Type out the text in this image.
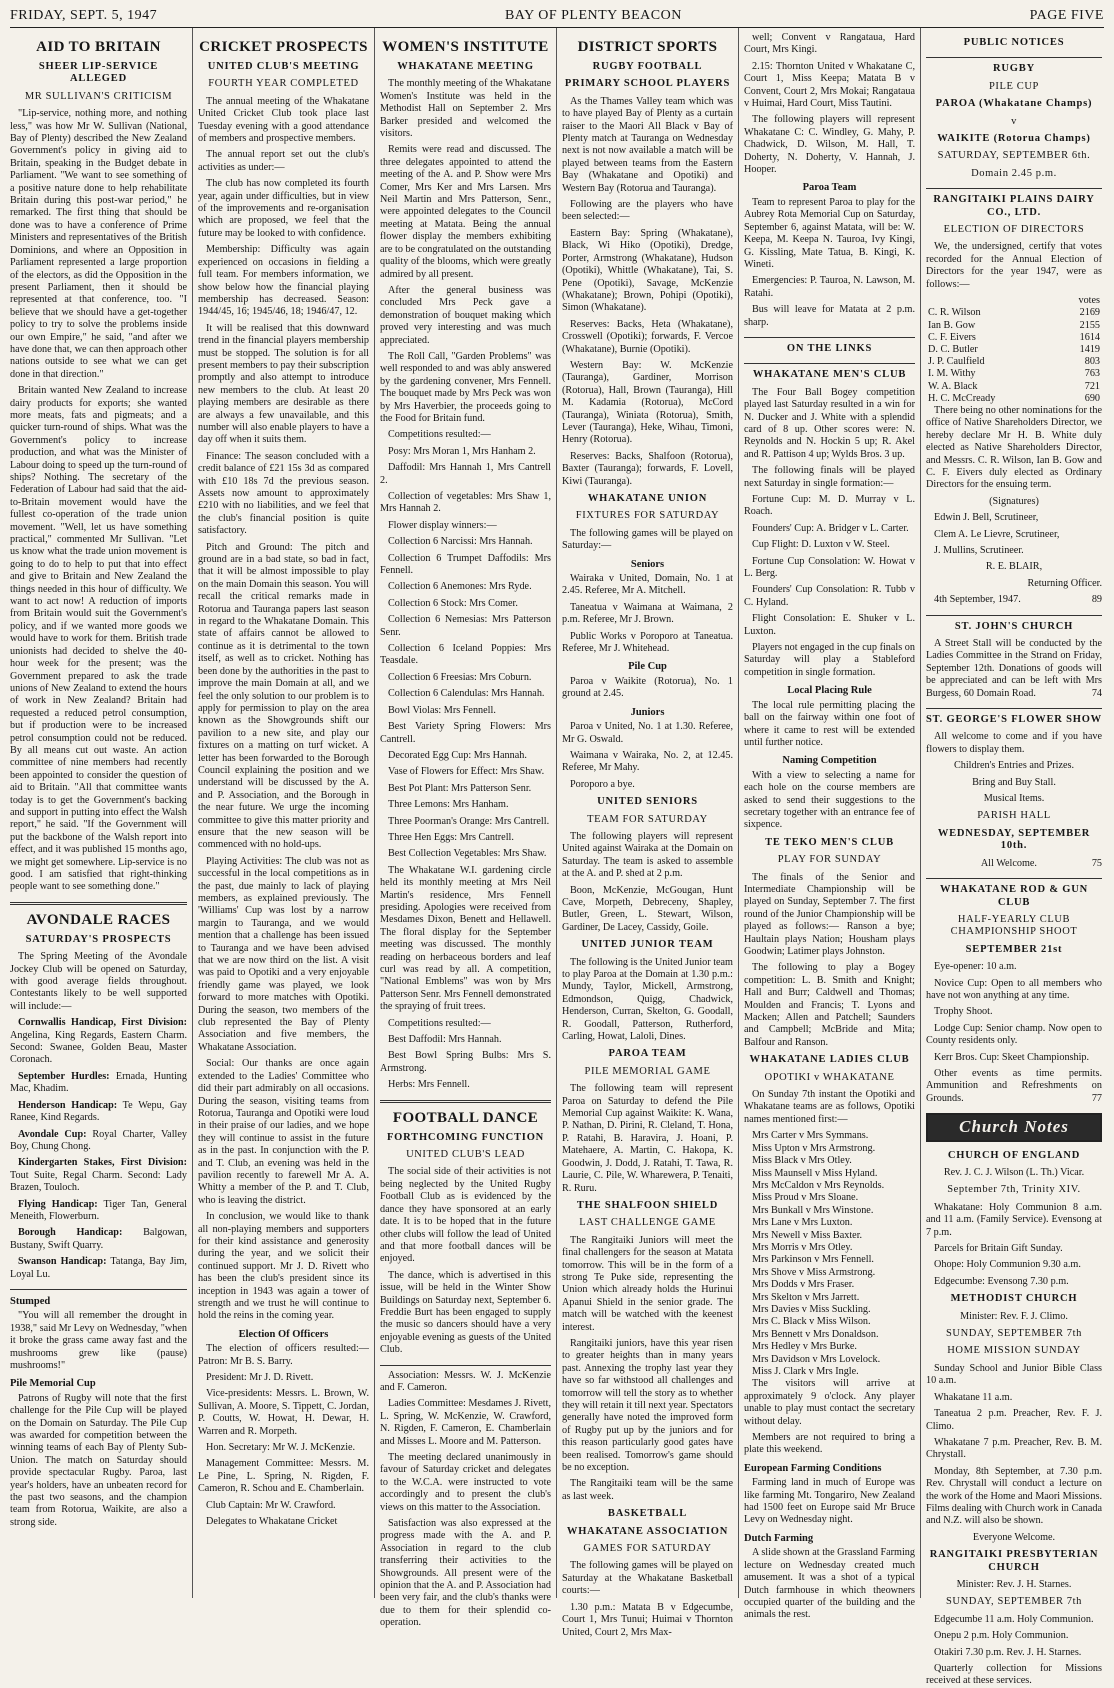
FRIDAY, SEPT. 5, 1947	BAY OF PLENTY BEACON	PAGE FIVE
AID TO BRITAIN
SHEER LIP-SERVICE ALLEGED
MR SULLIVAN'S CRITICISM

"Lip-service, nothing more, and nothing less," was how Mr W. Sullivan (National, Bay of Plenty) described the New Zealand Government's policy in giving aid to Britain, speaking in the Budget debate in Parliament. "We want to see something of a positive nature done to help rehabilitate Britain during this post-war period," he remarked. The first thing that should be done was to have a conference of Prime Ministers and representatives of the British Dominions, and where an Opposition in Parliament represented a large proportion of the electors, as did the Opposition in the present Parliament, then it should be represented at that conference, too. "I believe that we should have a get-together policy to try to solve the problems inside our own Empire," he said, "and after we have done that, we can then approach other nations outside to see what we can get done in that direction."

Britain wanted New Zealand to increase dairy products for exports; she wanted more meats, fats and pigmeats; and a quicker turn-round of ships. What was the Government's policy to increase production, and what was the Minister of Labour doing to speed up the turn-round of ships? Nothing. The secretary of the Federation of Labour had said that the aid-to-Britain movement would have the fullest co-operation of the trade union movement. "Well, let us have something practical," commented Mr Sullivan. "Let us know what the trade union movement is going to do to help to put that into effect and give to Britain and New Zealand the things needed in this hour of difficulty. We want to act now! A reduction of imports from Britain would suit the Government's policy, and if we wanted more goods we would have to work for them. British trade unionists had decided to shelve the 40-hour week for the present; was the Government prepared to ask the trade unions of New Zealand to extend the hours of work in New Zealand? Britain had requested a reduced petrol consumption, but if production were to be increased petrol consumption could not be reduced. By all means cut out waste. An action committee of nine members had recently been appointed to consider the question of aid to Britain. "All that committee wants today is to get the Government's backing and support in putting into effect the Walsh report," he said. "If the Government will put the backbone of the Walsh report into effect, and it was published 15 months ago, we might get somewhere. Lip-service is no good. I am satisfied that right-thinking people want to see something done."

AVONDALE RACES
SATURDAY'S PROSPECTS

The Spring Meeting of the Avondale Jockey Club will be opened on Saturday, with good average fields throughout. Contestants likely to be well supported will include:—

Cornwallis Handicap, First Division: Angelina, King Regards, Eastern Charm. Second: Swanee, Golden Beau, Master Coronach.

September Hurdles: Ernada, Hunting Mac, Khadim.

Henderson Handicap: Te Wepu, Gay Ranee, Kind Regards.

Avondale Cup: Royal Charter, Valley Boy, Chung Chong.

Kindergarten Stakes, First Division: Tout Suite, Regal Charm. Second: Lady Brazen, Touloch.

Flying Handicap: Tiger Tan, General Meneith, Flowerburn.

Borough Handicap: Balgowan, Bustany, Swift Quarry.

Swanson Handicap: Tatanga, Bay Jim, Loyal Lu.

Stumped

"You will all remember the drought in 1938," said Mr Levy on Wednesday, "when it broke the grass came away fast and the mushrooms grew like (pause) mushrooms!"

Pile Memorial Cup

Patrons of Rugby will note that the first challenge for the Pile Cup will be played on the Domain on Saturday. The Pile Cup was awarded for competition between the winning teams of each Bay of Plenty Sub-Union. The match on Saturday should provide spectacular Rugby. Paroa, last year's holders, have an unbeaten record for the past two seasons, and the champion team from Rotorua, Waikite, are also a strong side.

CRICKET PROSPECTS
UNITED CLUB'S MEETING
FOURTH YEAR COMPLETED

The annual meeting of the Whakatane United Cricket Club took place last Tuesday evening with a good attendance of members and prospective members.

The annual report set out the club's activities as under:—

The club has now completed its fourth year, again under difficulties, but in view of the improvements and re-organisation which are proposed, we feel that the future may be looked to with confidence.

Membership: Difficulty was again experienced on occasions in fielding a full team. For members information, we show below how the financial playing membership has decreased. Season: 1944/45, 16; 1945/46, 18; 1946/47, 12.

It will be realised that this downward trend in the financial players membership must be stopped. The solution is for all present members to pay their subscription promptly and also attempt to introduce new members to the club. At least 20 playing members are desirable as there are always a few unavailable, and this number will also enable players to have a day off when it suits them.

Finance: The season concluded with a credit balance of £21 15s 3d as compared with £10 18s 7d the previous season. Assets now amount to approximately £210 with no liabilities, and we feel that the club's financial position is quite satisfactory.

Pitch and Ground: The pitch and ground are in a bad state, so bad in fact, that it will be almost impossible to play on the main Domain this season. You will recall the critical remarks made in Rotorua and Tauranga papers last season in regard to the Whakatane Domain. This state of affairs cannot be allowed to continue as it is detrimental to the town itself, as well as to cricket. Nothing has been done by the authorities in the past to improve the main Domain at all, and we feel the only solution to our problem is to apply for permission to play on the area known as the Showgrounds shift our pavilion to a new site, and play our fixtures on a matting on turf wicket. A letter has been forwarded to the Borough Council explaining the position and we understand will be discussed by the A. and P. Association, and the Borough in the near future. We urge the incoming committee to give this matter priority and ensure that the new season will be commenced with no hold-ups.

Playing Activities: The club was not as successful in the local competitions as in the past, due mainly to lack of playing members, as explained previously. The 'Williams' Cup was lost by a narrow margin to Tauranga, and we would mention that a challenge has been issued to Tauranga and we have been advised that we are now third on the list. A visit was paid to Opotiki and a very enjoyable friendly game was played, we look forward to more matches with Opotiki. During the season, two members of the club represented the Bay of Plenty Association and five members, the Whakatane Association.

Social: Our thanks are once again extended to the Ladies' Committee who did their part admirably on all occasions. During the season, visiting teams from Rotorua, Tauranga and Opotiki were loud in their praise of our ladies, and we hope they will continue to assist in the future as in the past. In conjunction with the P. and T. Club, an evening was held in the pavilion recently to farewell Mr A. A. Whitty a member of the P. and T. Club, who is leaving the district.

In conclusion, we would like to thank all non-playing members and supporters for their kind assistance and generosity during the year, and we solicit their continued support. Mr J. D. Rivett who has been the club's president since its inception in 1943 was again a tower of strength and we trust he will continue to hold the reins in the coming year.

Election Of Officers

The election of officers resulted:— Patron: Mr B. S. Barry.

President: Mr J. D. Rivett.

Vice-presidents: Messrs. L. Brown, W. Sullivan, A. Moore, S. Tippett, C. Jordan, P. Coutts, W. Howat, H. Dewar, H. Warren and R. Morpeth.

Hon. Secretary: Mr W. J. McKenzie.

Management Committee: Messrs. M. Le Pine, L. Spring, N. Rigden, F. Cameron, R. Schou and E. Chamberlain.

Club Captain: Mr W. Crawford.

Delegates to Whakatane Cricket

WOMEN'S INSTITUTE
WHAKATANE MEETING

The monthly meeting of the Whakatane Women's Institute was held in the Methodist Hall on September 2. Mrs Barker presided and welcomed the visitors.

Remits were read and discussed. The three delegates appointed to attend the meeting of the A. and P. Show were Mrs Comer, Mrs Ker and Mrs Larsen. Mrs Neil Martin and Mrs Patterson, Senr., were appointed delegates to the Council meeting at Matata. Being the annual flower display the members exhibiting are to be congratulated on the outstanding quality of the blooms, which were greatly admired by all present.

After the general business was concluded Mrs Peck gave a demonstration of bouquet making which proved very interesting and was much appreciated.

The Roll Call, "Garden Problems" was well responded to and was ably answered by the gardening convener, Mrs Fennell. The bouquet made by Mrs Peck was won by Mrs Haverbier, the proceeds going to the Food for Britain fund.

Competitions resulted:—

Posy: Mrs Moran 1, Mrs Hanham 2.

Daffodil: Mrs Hannah 1, Mrs Cantrell 2.

Collection of vegetables: Mrs Shaw 1, Mrs Hannah 2.

Flower display winners:—

Collection 6 Narcissi: Mrs Hannah.

Collection 6 Trumpet Daffodils: Mrs Fennell.

Collection 6 Anemones: Mrs Ryde.

Collection 6 Stock: Mrs Comer.

Collection 6 Nemesias: Mrs Patterson Senr.

Collection 6 Iceland Poppies: Mrs Teasdale.

Collection 6 Freesias: Mrs Coburn.

Collection 6 Calendulas: Mrs Hannah.

Bowl Violas: Mrs Fennell.

Best Variety Spring Flowers: Mrs Cantrell.

Decorated Egg Cup: Mrs Hannah.

Vase of Flowers for Effect: Mrs Shaw.

Best Pot Plant: Mrs Patterson Senr.

Three Lemons: Mrs Hanham.

Three Poorman's Orange: Mrs Cantrell.

Three Hen Eggs: Mrs Cantrell.

Best Collection Vegetables: Mrs Shaw.

The Whakatane W.I. gardening circle held its monthly meeting at Mrs Neil Martin's residence, Mrs Fennell presiding. Apologies were received from Mesdames Dixon, Benett and Hellawell. The floral display for the September meeting was discussed. The monthly reading on herbaceous borders and leaf curl was read by all. A competition, "National Emblems" was won by Mrs Patterson Senr. Mrs Fennell demonstrated the spraying of fruit trees.

Competitions resulted:—

Best Daffodil: Mrs Hannah.

Best Bowl Spring Bulbs: Mrs S. Armstrong.

Herbs: Mrs Fennell.

FOOTBALL DANCE
FORTHCOMING FUNCTION
UNITED CLUB'S LEAD

The social side of their activities is not being neglected by the United Rugby Football Club as is evidenced by the dance they have sponsored at an early date. It is to be hoped that in the future other clubs will follow the lead of United and that more football dances will be enjoyed.

The dance, which is advertised in this issue, will be held in the Winter Show Buildings on Saturday next, September 6. Freddie Burt has been engaged to supply the music so dancers should have a very enjoyable evening as guests of the United Club.

Association: Messrs. W. J. McKenzie and F. Cameron.

Ladies Committee: Mesdames J. Rivett, L. Spring, W. McKenzie, W. Crawford, N. Rigden, F. Cameron, E. Chamberlain and Misses L. Moore and M. Patterson.

The meeting declared unanimously in favour of Saturday cricket and delegates to the W.C.A. were instructed to vote accordingly and to present the club's views on this matter to the Association.

Satisfaction was also expressed at the progress made with the A. and P. Association in regard to the club transferring their activities to the Showgrounds. All present were of the opinion that the A. and P. Association had been very fair, and the club's thanks were due to them for their splendid co-operation.

DISTRICT SPORTS
RUGBY FOOTBALL
PRIMARY SCHOOL PLAYERS

As the Thames Valley team which was to have played Bay of Plenty as a curtain raiser to the Maori All Black v Bay of Plenty match at Tauranga on Wednesday next is not now available a match will be played between teams from the Eastern Bay (Whakatane and Opotiki) and Western Bay (Rotorua and Tauranga).

Following are the players who have been selected:—

Eastern Bay: Spring (Whakatane), Black, Wi Hiko (Opotiki), Dredge, Porter, Armstrong (Whakatane), Hudson (Opotiki), Whittle (Whakatane), Tai, S. Pene (Opotiki), Savage, McKenzie (Whakatane); Brown, Pohipi (Opotiki), Simon (Whakatane).

Reserves: Backs, Heta (Whakatane), Crosswell (Opotiki); forwards, F. Vercoe (Whakatane), Burnie (Opotiki).

Western Bay: W. McKenzie (Tauranga), Gardiner, Morrison (Rotorua), Hall, Brown (Tauranga), Hill M. Kadamia (Rotorua), McCord (Tauranga), Winiata (Rotorua), Smith, Lever (Tauranga), Heke, Wihau, Timoni, Henry (Rotorua).

Reserves: Backs, Shalfoon (Rotorua), Baxter (Tauranga); forwards, F. Lovell, Kiwi (Tauranga).

WHAKATANE UNION
FIXTURES FOR SATURDAY

The following games will be played on Saturday:—

Seniors

Wairaka v United, Domain, No. 1 at 2.45. Referee, Mr A. Mitchell.

Taneatua v Waimana at Waimana, 2 p.m. Referee, Mr J. Brown.

Public Works v Poroporo at Taneatua. Referee, Mr J. Whitehead.

Pile Cup

Paroa v Waikite (Rotorua), No. 1 ground at 2.45.

Juniors

Paroa v United, No. 1 at 1.30. Referee, Mr G. Oswald.

Waimana v Wairaka, No. 2, at 12.45. Referee, Mr Mahy.

Poroporo a bye.

UNITED SENIORS
TEAM FOR SATURDAY

The following players will represent United against Wairaka at the Domain on Saturday. The team is asked to assemble at the A. and P. shed at 2 p.m.

Boon, McKenzie, McGougan, Hunt Cave, Morpeth, Debreceny, Shapley, Butler, Green, L. Stewart, Wilson, Gardiner, De Lacey, Cassidy, Goile.

UNITED JUNIOR TEAM

The following is the United Junior team to play Paroa at the Domain at 1.30 p.m.: Mundy, Taylor, Mickell, Armstrong, Edmondson, Quigg, Chadwick, Henderson, Curran, Skelton, G. Goodall, R. Goodall, Patterson, Rutherford, Carling, Howat, Laloli, Dines.

PAROA TEAM
PILE MEMORIAL GAME

The following team will represent Paroa on Saturday to defend the Pile Memorial Cup against Waikite: K. Wana, P. Nathan, D. Pirini, R. Cleland, T. Hona, P. Ratahi, B. Haravira, J. Hoani, P. Matehaere, A. Martin, C. Hakopa, K. Goodwin, J. Dodd, J. Ratahi, T. Tawa, R. Laurie, C. Pile, W. Wharewera, P. Tenaiti, R. Ruru.

THE SHALFOON SHIELD
LAST CHALLENGE GAME

The Rangitaiki Juniors will meet the final challengers for the season at Matata tomorrow. This will be in the form of a strong Te Puke side, representing the Union which already holds the Hurinui Apanui Shield in the senior grade. The match will be watched with the keenest interest.

Rangitaiki juniors, have this year risen to greater heights than in many years past. Annexing the trophy last year they have so far withstood all challenges and tomorrow will tell the story as to whether they will retain it till next year. Spectators generally have noted the improved form of Rugby put up by the juniors and for this reason particularly good gates have been realised. Tomorrow's game should be no exception.

The Rangitaiki team will be the same as last week.

BASKETBALL
WHAKATANE ASSOCIATION
GAMES FOR SATURDAY

The following games will be played on Saturday at the Whakatane Basketball courts:—

1.30 p.m.: Matata B v Edgecumbe, Court 1, Mrs Tunui; Huimai v Thornton United, Court 2, Mrs Max-

well; Convent v Rangataua, Hard Court, Mrs Kingi.

2.15: Thornton United v Whakatane C, Court 1, Miss Keepa; Matata B v Convent, Court 2, Mrs Mokai; Rangataua v Huimai, Hard Court, Miss Tautini.

The following players will represent Whakatane C: C. Windley, G. Mahy, P. Chadwick, D. Wilson, M. Hall, T. Doherty, N. Doherty, V. Hannah, J. Hooper.

Paroa Team

Team to represent Paroa to play for the Aubrey Rota Memorial Cup on Saturday, September 6, against Matata, will be: W. Keepa, M. Keepa N. Tauroa, Ivy Kingi, G. Kissling, Mate Tatua, B. Kingi, K. Wineti.

Emergencies: P. Tauroa, N. Lawson, M. Ratahi.

Bus will leave for Matata at 2 p.m. sharp.

ON THE LINKS
WHAKATANE MEN'S CLUB

The Four Ball Bogey competition played last Saturday resulted in a win for N. Ducker and J. White with a splendid card of 8 up. Other scores were: N. Reynolds and N. Hockin 5 up; R. Akel and R. Pattison 4 up; Wylds Bros. 3 up.

The following finals will be played next Saturday in single formation:—

Fortune Cup: M. D. Murray v L. Roach.

Founders' Cup: A. Bridger v L. Carter.

Cup Flight: D. Luxton v W. Steel.

Fortune Cup Consolation: W. Howat v L. Berg.

Founders' Cup Consolation: R. Tubb v C. Hyland.

Flight Consolation: E. Shuker v L. Luxton.

Players not engaged in the cup finals on Saturday will play a Stableford competition in single formation.

Local Placing Rule

The local rule permitting placing the ball on the fairway within one foot of where it came to rest will be extended until further notice.

Naming Competition

With a view to selecting a name for each hole on the course members are asked to send their suggestions to the secretary together with an entrance fee of sixpence.

TE TEKO MEN'S CLUB
PLAY FOR SUNDAY

The finals of the Senior and Intermediate Championship will be played on Sunday, September 7. The first round of the Junior Championship will be played as follows:— Ranson a bye; Haultain plays Nation; Housham plays Goodwin; Latimer plays Johnston.

The following to play a Bogey competition: L. B. Smith and Knight; Hall and Burr; Caldwell and Thomas; Moulden and Francis; T. Lyons and Macken; Allen and Patchell; Saunders and Campbell; McBride and Mita; Balfour and Ranson.

WHAKATANE LADIES CLUB
OPOTIKI v WHAKATANE

On Sunday 7th instant the Opotiki and Whakatane teams are as follows, Opotiki names mentioned first:—

Mrs Carter v Mrs Symmans.

Miss Upton v Mrs Armstrong.

Miss Black v Mrs Otley.

Miss Maunsell v Miss Hyland.

Mrs McCaldon v Mrs Reynolds.

Miss Proud v Mrs Sloane.

Mrs Bunkall v Mrs Winstone.

Mrs Lane v Mrs Luxton.

Mrs Newell v Miss Baxter.

Mrs Morris v Mrs Otley.

Mrs Parkinson v Mrs Fennell.

Mrs Shove v Miss Armstrong.

Mrs Dodds v Mrs Fraser.

Mrs Skelton v Mrs Jarrett.

Mrs Davies v Miss Suckling.

Mrs C. Black v Miss Wilson.

Mrs Bennett v Mrs Donaldson.

Mrs Hedley v Mrs Burke.

Mrs Davidson v Mrs Lovelock.

Miss J. Clark v Mrs Ingle.

The visitors will arrive at approximately 9 o'clock. Any player unable to play must contact the secretary without delay.

Members are not required to bring a plate this weekend.

European Farming Conditions

Farming land in much of Europe was like farming Mt. Tongariro, New Zealand had 1500 feet on Europe said Mr Bruce Levy on Wednesday night.

Dutch Farming

A slide shown at the Grassland Farming lecture on Wednesday created much amusement. It was a shot of a typical Dutch farmhouse in which theowners occupied quarter of the building and the animals the rest.

PUBLIC NOTICES
RUGBY
PILE CUP
PAROA (Whakatane Champs)
v
WAIKITE (Rotorua Champs)
SATURDAY, SEPTEMBER 6th.
Domain 2.45 p.m.
RANGITAIKI PLAINS DAIRY CO., LTD.
ELECTION OF DIRECTORS

We, the undersigned, certify that votes recorded for the Annual Election of Directors for the year 1947, were as follows:—

	votes
C. R. Wilson	2169
Ian B. Gow	2155
C. F. Eivers	1614
D. C. Butler	1419
J. P. Caulfield	803
I. M. Withy	763
W. A. Black	721
H. C. McCready	690

There being no other nominations for the office of Native Shareholders Director, we hereby declare Mr H. B. White duly elected as Native Shareholders Director, and Messrs. C. R. Wilson, Ian B. Gow and C. F. Eivers duly elected as Ordinary Directors for the ensuing term.

(Signatures)

Edwin J. Bell, Scrutineer,

Clem A. Le Lievre, Scrutineer,

J. Mullins, Scrutineer.

R. E. BLAIR,

Returning Officer.

4th September, 1947.	89

ST. JOHN'S CHURCH

A Street Stall will be conducted by the Ladies Committee in the Strand on Friday, September 12th. Donations of goods will be appreciated and can be left with Mrs Burgess, 60 Domain Road.	74

ST. GEORGE'S FLOWER SHOW

All welcome to come and if you have flowers to display them.

Children's Entries and Prizes.

Bring and Buy Stall.

Musical Items.

PARISH HALL
WEDNESDAY, SEPTEMBER 10th.

All Welcome.	75

WHAKATANE ROD & GUN CLUB
HALF-YEARLY CLUB CHAMPIONSHIP SHOOT
SEPTEMBER 21st

Eye-opener: 10 a.m.

Novice Cup: Open to all members who have not won anything at any time.

Trophy Shoot.

Lodge Cup: Senior champ. Now open to County residents only.

Kerr Bros. Cup: Skeet Championship.

Other events as time permits. Ammunition and Refreshments on Grounds.	77

Church Notes
CHURCH OF ENGLAND

Rev. J. C. J. Wilson (L. Th.) Vicar.

September 7th, Trinity XIV.

Whakatane: Holy Communion 8 a.m. and 11 a.m. (Family Service). Evensong at 7 p.m.

Parcels for Britain Gift Sunday.

Ohope: Holy Communion 9.30 a.m.

Edgecumbe: Evensong 7.30 p.m.

METHODIST CHURCH

Minister: Rev. F. J. Climo.

SUNDAY, SEPTEMBER 7th
HOME MISSION SUNDAY

Sunday School and Junior Bible Class 10 a.m.

Whakatane 11 a.m.

Taneatua 2 p.m. Preacher, Rev. F. J. Climo.

Whakatane 7 p.m. Preacher, Rev. B. M. Chrystall.

Monday, 8th September, at 7.30 p.m. Rev. Chrystall will conduct a lecture on the work of the Home and Maori Missions. Films dealing with Church work in Canada and N.Z. will also be shown.

Everyone Welcome.

RANGITAIKI PRESBYTERIAN CHURCH

Minister: Rev. J. H. Starnes.

SUNDAY, SEPTEMBER 7th

Edgecumbe 11 a.m. Holy Communion.

Onepu 2 p.m. Holy Communion.

Otakiri 7.30 p.m. Rev. J. H. Starnes.

Quarterly collection for Missions received at these services.
